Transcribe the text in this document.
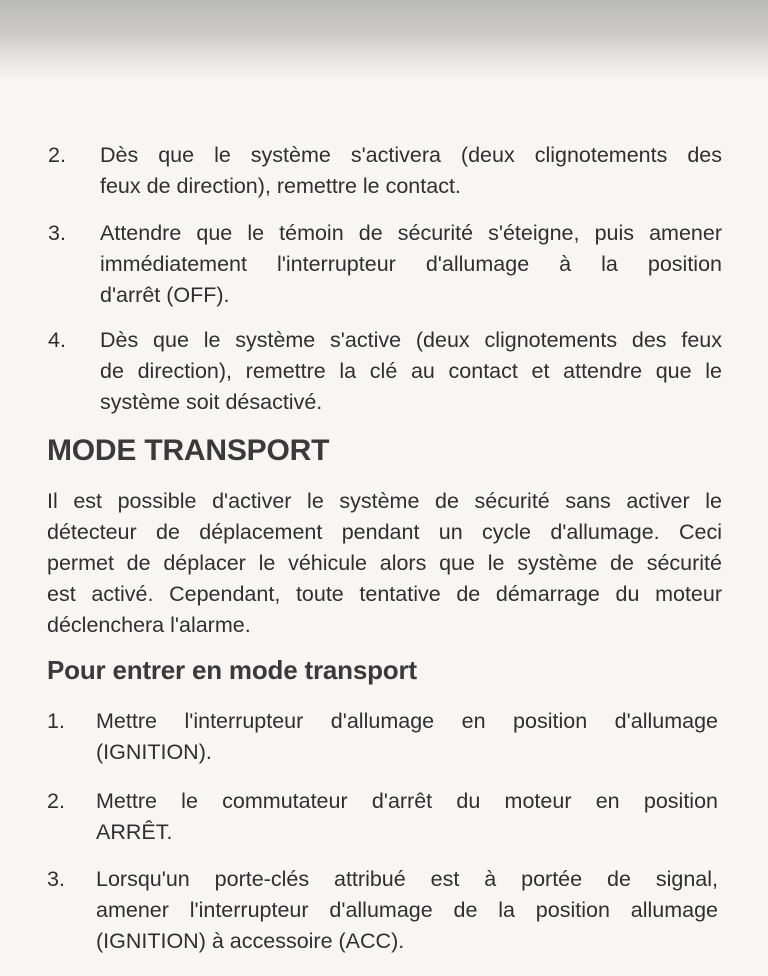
2.	Dès que le système s'activera (deux clignotements des
feux de direction), remettre le contact.
3.	Attendre que le témoin de sécurité s'éteigne, puis amener
immédiatement l'interrupteur d'allumage à la position
d'arrêt (OFF).
4.	Dès que le système s'active (deux clignotements des feux
de direction), remettre la clé au contact et attendre que le
système soit désactivé.
MODE TRANSPORT
Il est possible d'activer le système de sécurité sans activer le
détecteur de déplacement pendant un cycle d'allumage. Ceci
permet de déplacer le véhicule alors que le système de sécurité
est activé. Cependant, toute tentative de démarrage du moteur
déclenchera l'alarme.
Pour entrer en mode transport
1.	Mettre l'interrupteur d'allumage en position d'allumage
(IGNITION).
2.	Mettre le commutateur d'arrêt du moteur en position
ARRÊT.
3.	Lorsqu'un porte-clés attribué est à portée de signal,
amener l'interrupteur d'allumage de la position allumage
(IGNITION) à accessoire (ACC).
